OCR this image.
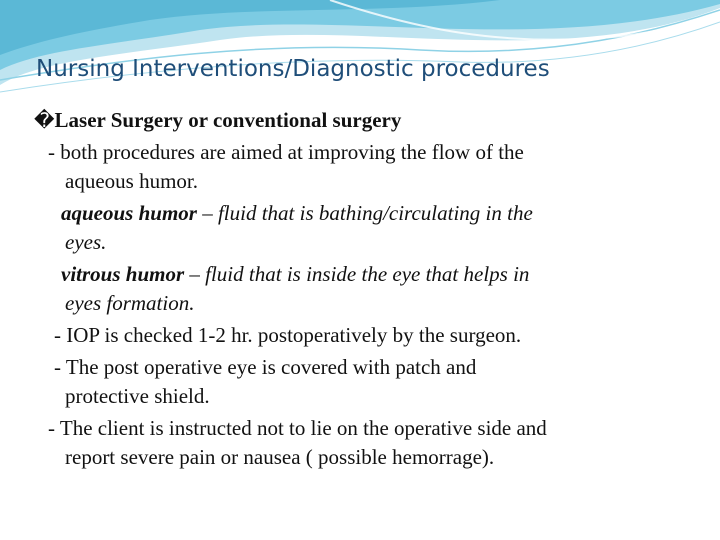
Nursing Interventions/Diagnostic procedures

�Laser Surgery or conventional surgery

- both procedures are aimed at improving the flow of the
aqueous humor.

aqueous humor – fluid that is bathing/circulating in the
eyes.

vitrous humor – fluid that is inside the eye that helps in
eyes formation.

- IOP is checked 1-2 hr. postoperatively by the surgeon.

- The post operative eye is covered with patch and
protective shield.

- The client is instructed not to lie on the operative side and
report severe pain or nausea ( possible hemorrage).
